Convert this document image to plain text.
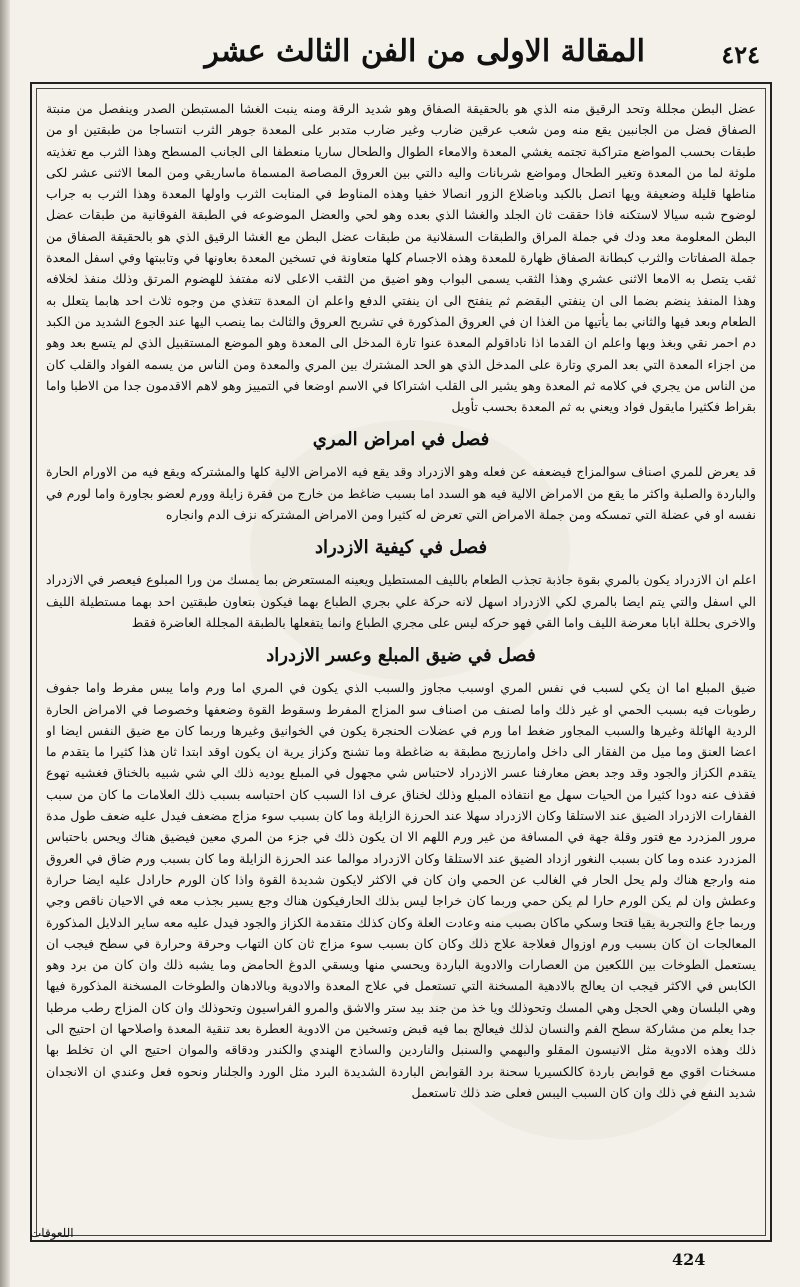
٤٢٤
المقالة الاولى من الفن الثالث عشر

عضل البطن مجللة وتحد الرقيق منه الذي هو بالحقيقة الصفاق وهو شديد الرقة ومنه ينبت الغشا المستبطن الصدر وينفصل من منبتة الصفاق فضل من الجانبين يقع منه ومن شعب عرقين ضارب وغير ضارب متدبر على المعدة جوهر الثرب انتساجا من طبقتين او من طبقات بحسب المواضع متراكبة تجتمه يغشي المعدة والامعاء الطوال والطحال ساريا منعطفا الى الجانب المسطح وهذا الثرب مع تغذيته ملوثة لما من المعدة وتغير الطحال ومواضع شربانات واليه دالتي بين العروق المصاصة المسماة ماساريقي ومن المعا الاثنى عشر لكى مناطها قليلة وضعيفة ويها اتصل بالكبد وباضلاع الزور انصالا خفيا وهذه المناوط في المنابت الثرب واولها المعدة وهذا الثرب به جراب لوضوح شبه سيالا لاستكنه فاذا حققت ثان الجلد والغشا الذي بعده وهو لحي والعضل الموضوعه في الطبقة الفوقانية من طبقات عضل البطن المعلومة معد ودك في جملة المراق والطبقات السفلانية من طبقات عضل البطن مع الغشا الرقيق الذي هو بالحقيقة الصفاق من جملة الصفاتات والثرب كبطانة الصفاق ظهارة للمعدة وهذه الاجسام كلها متعاونة في تسخين المعدة بعاونها في وتاببتها وفي اسفل المعدة ثقب يتصل به الامعا الاثنى عشري وهذا الثقب يسمى البواب وهو اضيق من الثقب الاعلى لانه مفتفذ للهضوم المرتق وذلك منفذ لخلافه وهذا المنفذ ينضم بضما الى ان ينفتي البقضم ثم ينفتح الى ان ينفتي الدفع واعلم ان المعدة تتغذي من وجوه ثلاث احد هابما يتعلل به الطعام وبعد فيها والثاني بما يأتيها من الغذا ان في العروق المذكورة في تشريح العروق والثالث بما ينصب اليها عند الجوع الشديد من الكبد دم احمر نقي وبغذ وبها واعلم ان القدما اذا ناداقولم المعدة عنوا تارة المدخل الى المعدة وهو الموضع المستقبيل الذي لم يتسع بعد وهو من اجزاء المعدة التي بعد المري وتارة على المدخل الذي هو الحد المشترك بين المري والمعدة ومن الناس من يسمه الفواد والقلب كان من الناس من يجري في كلامه ثم المعدة وهو يشير الى القلب اشتراكا في الاسم اوضعا في التمييز وهو لاهم الاقدمون جدا من الاطبا واما بقراط فكثيرا مايقول فواد ويعني به ثم المعدة بحسب تأويل

فصل في امراض المري

قد يعرض للمري اصناف سوالمزاج فيضعفه عن فعله وهو الازدراد وقد يقع فيه الامراض الالية كلها والمشتركه ويقع فيه من الاورام الحارة والباردة والصلبة واكثر ما يقع من الامراض الالية فيه هو السدد اما بسبب ضاغط من خارج من فقرة زايلة وورم لعضو بجاورة واما لورم في نفسه او في عضلة التي تمسكه ومن جملة الامراض التي تعرض له كثيرا ومن الامراض المشتركه نزف الدم وانجاره

فصل في كيفية الازدراد

اعلم ان الازدراد يكون بالمري بقوة جاذبة تجذب الطعام بالليف المستطيل ويعينه المستعرض بما يمسك من ورا المبلوع فيعصر في الازدراد الي اسفل والتي يتم ايضا بالمري لكي الازدراد اسهل لانه حركة علي بجري الطباع بهما فيكون بتعاون طبقتين احد بهما مستطيلة الليف والاخرى بحللة ابابا معرضة الليف واما القي فهو حركه ليس على مجري الطباع وانما يتفعلها بالطبقة المجللة العاضرة فقط

فصل في ضيق المبلع وعسر الازدراد

ضيق المبلع اما ان يكي لسبب في نفس المري اوسبب مجاوز والسبب الذي يكون في المري اما ورم واما يبس مفرط واما جفوف رطوبات فيه بسبب الحمي او غير ذلك واما لصنف من اصناف سو المزاج المفرط وسقوط القوة وضعفها وخصوصا في الامراض الحارة الردية الهائلة وغيرها والسبب المجاور ضغط اما ورم في عضلات الحنجرة يكون في الخوانيق وغيرها وربما كان مع ضيق النفس ايضا او اعضا العنق وما ميل من الفقار الى داخل وامارزيج مطبقة به ضاغطة وما تشنج وكزاز يرية ان يكون اوقد ابتدا ثان هذا كثيرا ما يتقدم ما يتقدم الكزاز والجود وقد وجد بعض معارفنا عسر الازدراد لاحتباس شي مجهول في المبلع يوديه ذلك الي شي شبيه بالخناق فغشيه تهوع فقذف عنه دودا كثيرا من الحيات سهل مع انتفاذه المبلع وذلك لخناق عرف اذا السبب كان احتباسه بسبب ذلك العلامات ما كان من سبب الفقارات الازدراد الضيق عند الاستلقا وكان الازدراد سهلا عند الحرزة الزايلة وما كان بسبب سوء مزاج مضعف فيدل عليه ضعف طول مدة مرور المزدرد مع فتور وقلة جهة في المسافة من غير ورم اللهم الا ان يكون ذلك في جزء من المري معين فيضيق هناك ويحس باحتباس المزدرد عنده وما كان بسبب النغور ازداد الضيق عند الاستلقا وكان الازدراد موالما عند الحرزة الزايلة وما كان بسبب ورم ضاق في العروق منه وارجع هناك ولم يحل الحار في الغالب عن الحمي وان كان في الاكثر لايكون شديدة القوة واذا كان الورم حارادل عليه ايضا حرارة وعطش وان لم يكن الورم حارا لم يكن حمي وربما كان خراجا ليس بذلك الحارفيكون هناك وجع يسير بجذب معه في الاحيان ناقص وجي وربما جاع والتجربة يقيا قتحا وسكي ماكان بصبب منه وعادت العلة وكان كذلك متقدمة الكزاز والجود فيدل عليه معه ساير الدلايل المذكورة المعالجات ان كان بسبب ورم اوزوال فعلاجة علاج ذلك وكان كان بسبب سوء مزاج ثان كان التهاب وحرقة وحرارة في سطح فيجب ان يستعمل الطوخات بين اللكعين من العصارات والادوية الباردة ويحسي منها ويسقي الدوغ الحامض وما يشبه ذلك وان كان من برد وهو الكابس في الاكثر فيجب ان يعالج بالادهية المسخنة التي تستعمل في علاج المعدة والادوية وبالادهان والطوخات المسخنة المذكورة فيها وهي البلسان وهي الحجل وهي المسك وتحوذلك ويا خذ من جند بيد ستر والاشق والمرو الفراسيون وتحوذلك وان كان المزاج رطب مرطبا جدا يعلم من مشاركة سطح الفم والنسان لذلك فيعالج بما فيه قبض وتسخين من الادوية العطرة بعد تنقية المعدة واصلاحها ان احتيج الى ذلك وهذه الادوية مثل الانيسون المقلو والبهمي والسنبل والناردين والساذج الهندي والكندر ودقاقه والموان احتيج الي ان تخلط بها مسخنات اقوي مع قوابض باردة كالكسيريا سحنة برد القوابض الباردة الشديدة البرد مثل الورد والجلنار ونحوه فعل وعندي ان الانجدان شديد النفع في ذلك وان كان السبب اليبس فعلى ضد ذلك تاستعمل

اللعوقات
424
